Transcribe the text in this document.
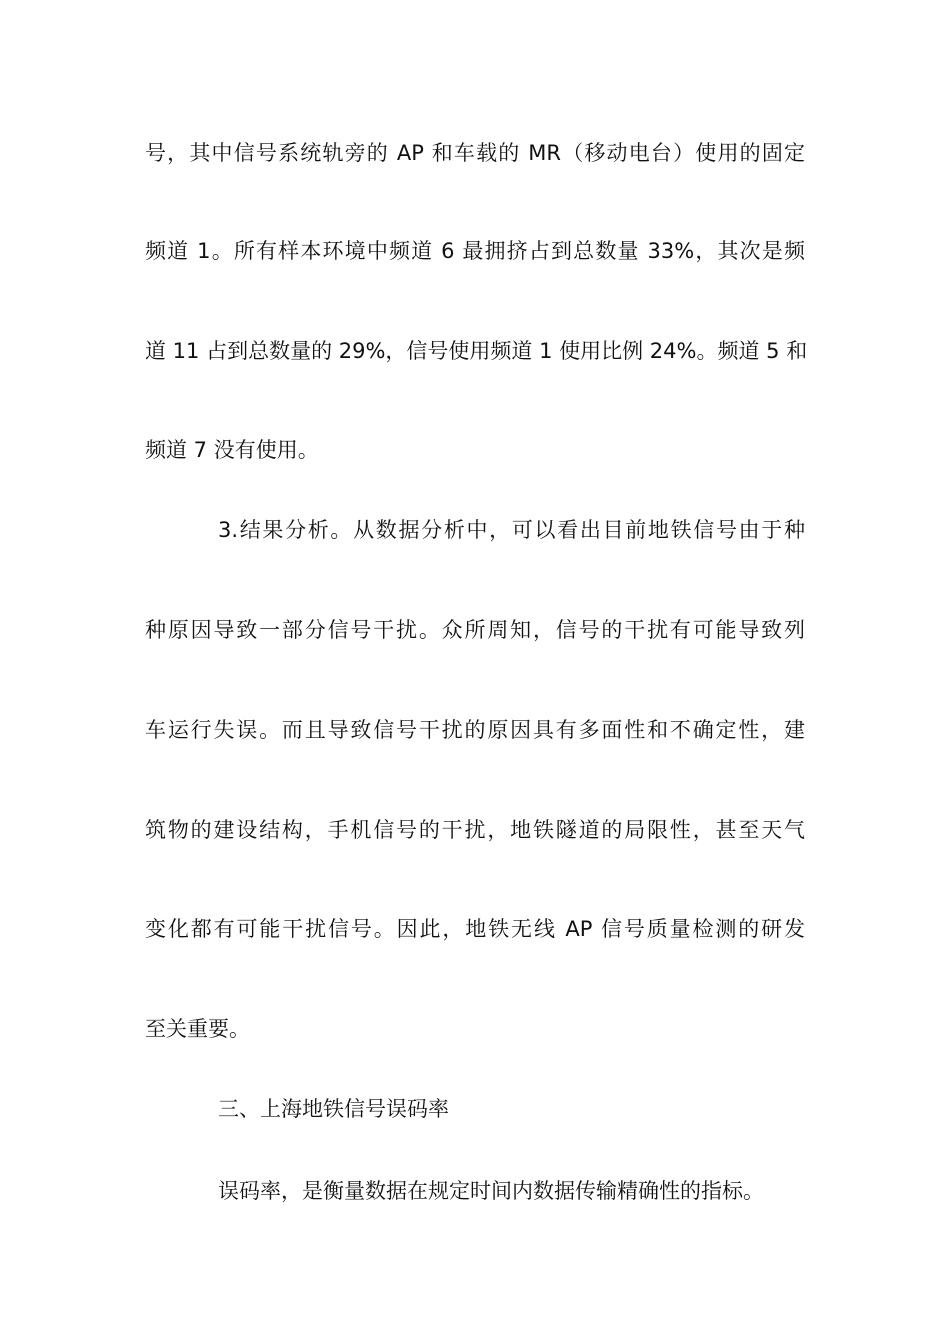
号，其中信号系统轨旁的 AP 和车载的 MR（移动电台）使用的固定
频道 1。所有样本环境中频道 6 最拥挤占到总数量 33%，其次是频
道 11 占到总数量的 29%，信号使用频道 1 使用比例 24%。频道 5 和
频道 7 没有使用。
3.结果分析。从数据分析中，可以看出目前地铁信号由于种
种原因导致一部分信号干扰。众所周知，信号的干扰有可能导致列
车运行失误。而且导致信号干扰的原因具有多面性和不确定性，建
筑物的建设结构，手机信号的干扰，地铁隧道的局限性，甚至天气
变化都有可能干扰信号。因此，地铁无线 AP 信号质量检测的研发
至关重要。
三、上海地铁信号误码率
误码率，是衡量数据在规定时间内数据传输精确性的指标。
